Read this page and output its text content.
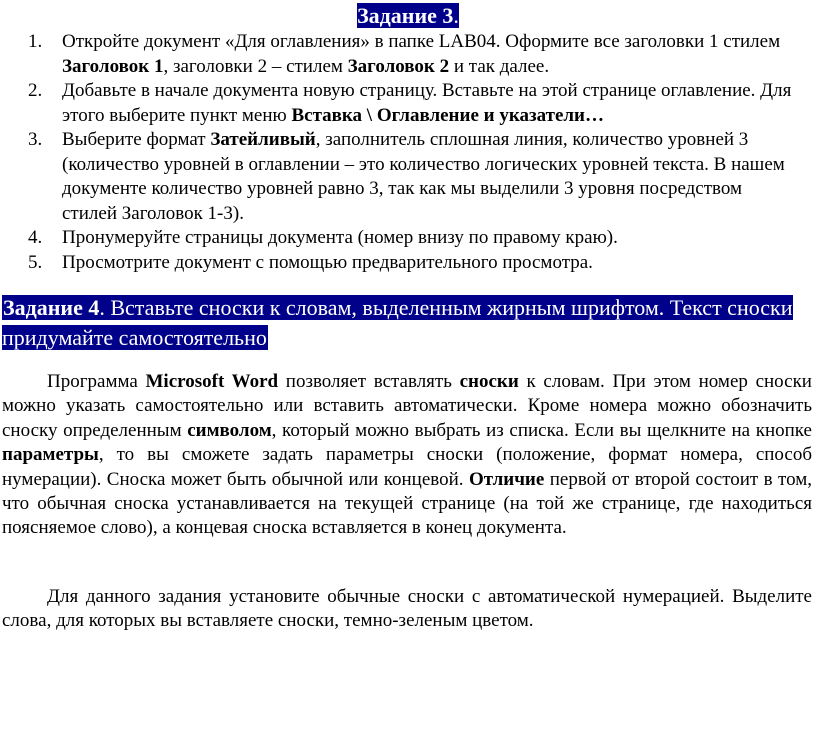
Задание 3.
1. Откройте документ «Для оглавления» в папке LAB04. Оформите все заголовки 1 стилем Заголовок 1, заголовки 2 – стилем Заголовок 2 и так далее.
2. Добавьте в начале документа новую страницу. Вставьте на этой странице оглавление. Для этого выберите пункт меню Вставка \ Оглавление и указатели…
3. Выберите формат Затейливый, заполнитель сплошная линия, количество уровней 3 (количество уровней в оглавлении – это количество логических уровней текста. В нашем документе количество уровней равно 3, так как мы выделили 3 уровня посредством стилей Заголовок 1-3).
4. Пронумеруйте страницы документа (номер внизу по правому краю).
5. Просмотрите документ с помощью предварительного просмотра.
Задание 4. Вставьте сноски к словам, выделенным жирным шрифтом. Текст сноски придумайте самостоятельно

Программа Microsoft Word позволяет вставлять сноски к словам. При этом номер сноски можно указать самостоятельно или вставить автоматически. Кроме номера можно обозначить сноску определенным символом, который можно выбрать из списка. Если вы щелкните на кнопке параметры, то вы сможете задать параметры сноски (положение, формат номера, способ нумерации). Сноска может быть обычной или концевой. Отличие первой от второй состоит в том, что обычная сноска устанавливается на текущей странице (на той же странице, где находиться поясняемое слово), а концевая сноска вставляется в конец документа.

Для данного задания установите обычные сноски с автоматической нумерацией. Выделите слова, для которых вы вставляете сноски, темно-зеленым цветом.
